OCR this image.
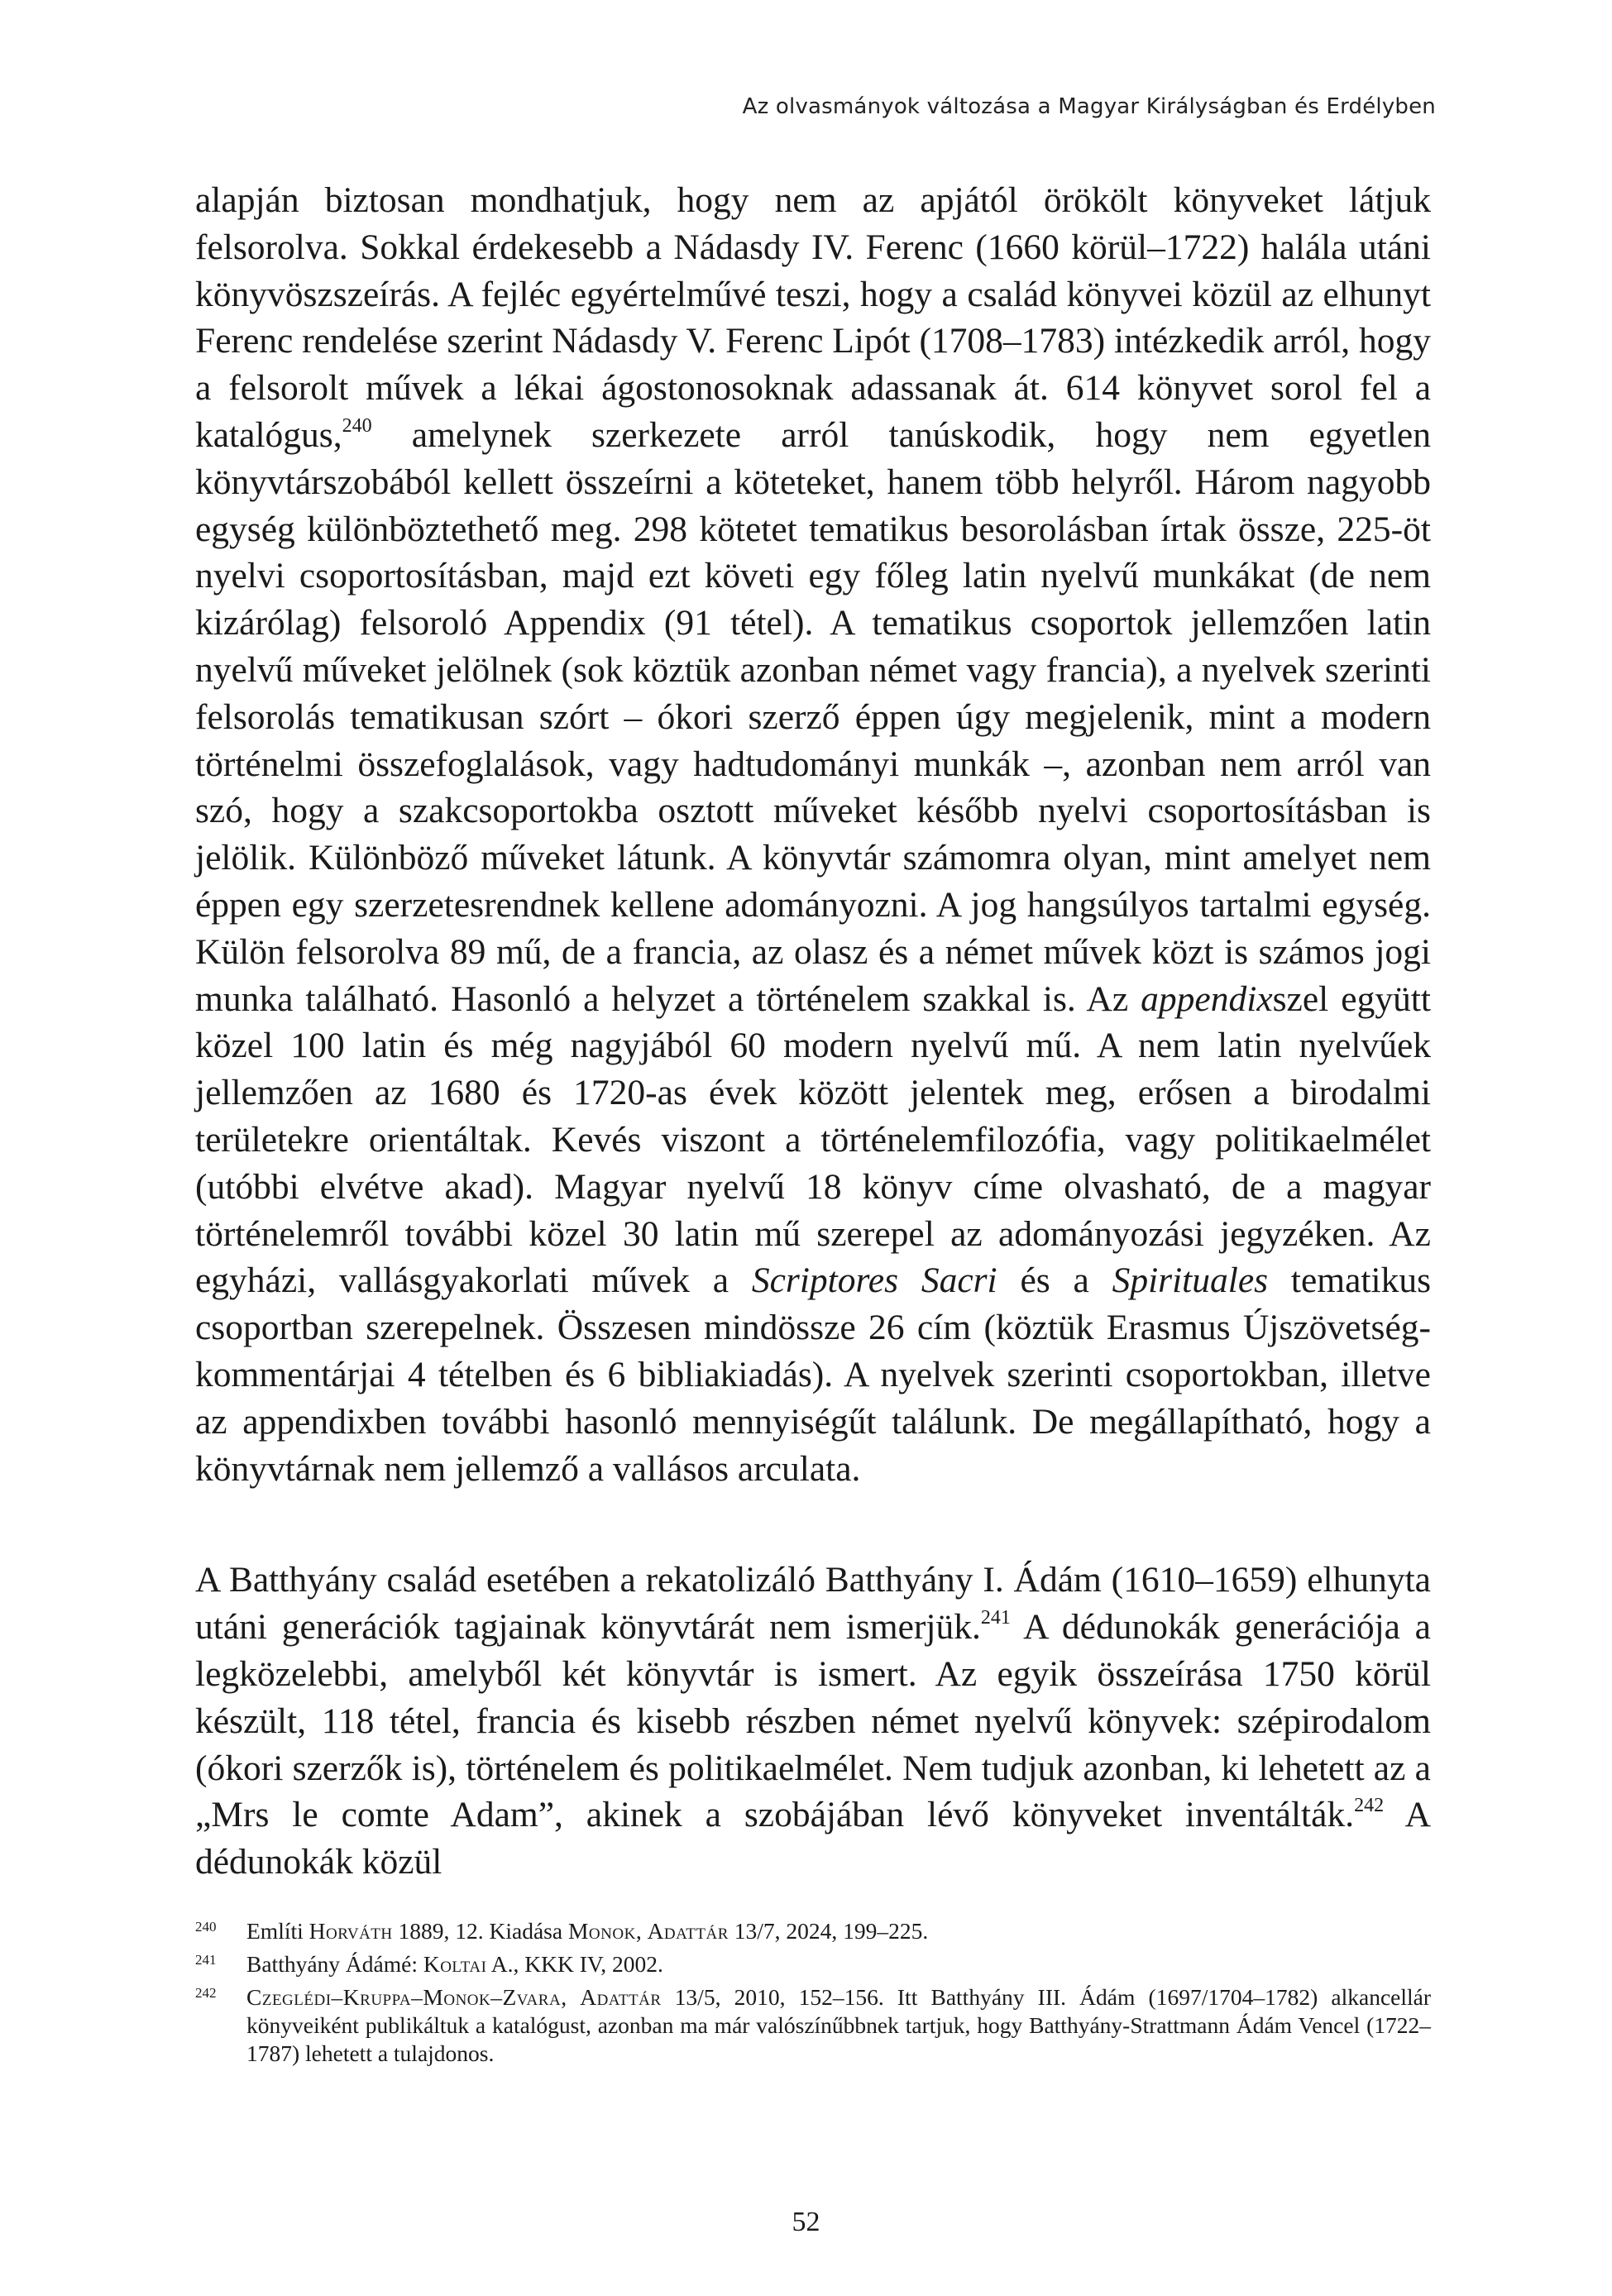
Az olvasmányok változása a Magyar Királyságban és Erdélyben

alapján biztosan mondhatjuk, hogy nem az apjától örökölt könyveket látjuk felsorolva. Sokkal érdekesebb a Nádasdy IV. Ferenc (1660 körül–1722) halála utáni könyvöszszeírás. A fejléc egyértelművé teszi, hogy a család könyvei közül az elhunyt Ferenc rendelése szerint Nádasdy V. Ferenc Lipót (1708–1783) intézkedik arról, hogy a felsorolt művek a lékai ágostonosoknak adassanak át. 614 könyvet sorol fel a katalógus,$^{240}$ amelynek szerkezete arról tanúskodik, hogy nem egyetlen könyvtárszobából kellett összeírni a köteteket, hanem több helyről. Három nagyobb egység különböztethető meg. 298 kötetet tematikus besorolásban írtak össze, 225-öt nyelvi csoportosításban, majd ezt követi egy főleg latin nyelvű munkákat (de nem kizárólag) felsoroló Appendix (91 tétel). A tematikus csoportok jellemzően latin nyelvű műveket jelölnek (sok köztük azonban német vagy francia), a nyelvek szerinti felsorolás tematikusan szórt – ókori szerző éppen úgy megjelenik, mint a modern történelmi összefoglalások, vagy hadtudományi munkák –, azonban nem arról van szó, hogy a szakcsoportokba osztott műveket később nyelvi csoportosításban is jelölik. Különböző műveket látunk. A könyvtár számomra olyan, mint amelyet nem éppen egy szerzetesrendnek kellene adományozni. A jog hangsúlyos tartalmi egység. Külön felsorolva 89 mű, de a francia, az olasz és a német művek közt is számos jogi munka található. Hasonló a helyzet a történelem szakkal is. Az appendixszel együtt közel 100 latin és még nagyjából 60 modern nyelvű mű. A nem latin nyelvűek jellemzően az 1680 és 1720-as évek között jelentek meg, erősen a birodalmi területekre orientáltak. Kevés viszont a történelemfilozófia, vagy politikaelmélet (utóbbi elvétve akad). Magyar nyelvű 18 könyv címe olvasható, de a magyar történelemről további közel 30 latin mű szerepel az adományozási jegyzéken. Az egyházi, vallásgyakorlati művek a Scriptores Sacri és a Spirituales tematikus csoportban szerepelnek. Összesen mindössze 26 cím (köztük Erasmus Újszövetség-kommentárjai 4 tételben és 6 bibliakiadás). A nyelvek szerinti csoportokban, illetve az appendixben további hasonló mennyiségűt találunk. De megállapítható, hogy a könyvtárnak nem jellemző a vallásos arculata.

A Batthyány család esetében a rekatolizáló Batthyány I. Ádám (1610–1659) elhunyta utáni generációk tagjainak könyvtárát nem ismerjük.$^{241}$ A dédunokák generációja a legközelebbi, amelyből két könyvtár is ismert. Az egyik összeírása 1750 körül készült, 118 tétel, francia és kisebb részben német nyelvű könyvek: szépirodalom (ókori szerzők is), történelem és politikaelmélet. Nem tudjuk azonban, ki lehetett az a „Mrs le comte Adam”, akinek a szobájában lévő könyveket inventálták.$^{242}$ A dédunokák közül

240 Említi Horváth 1889, 12. Kiadása Monok, Adattár 13/7, 2024, 199–225.
241 Batthyány Ádámé: Koltai A., KKK IV, 2002.
242 Czeglédi–Kruppa–Monok–Zvara, Adattár 13/5, 2010, 152–156. Itt Batthyány III. Ádám (1697/1704–1782) alkancellár könyveiként publikáltuk a katalógust, azonban ma már valószínűbbnek tartjuk, hogy Batthyány-Strattmann Ádám Vencel (1722–1787) lehetett a tulajdonos.
52
